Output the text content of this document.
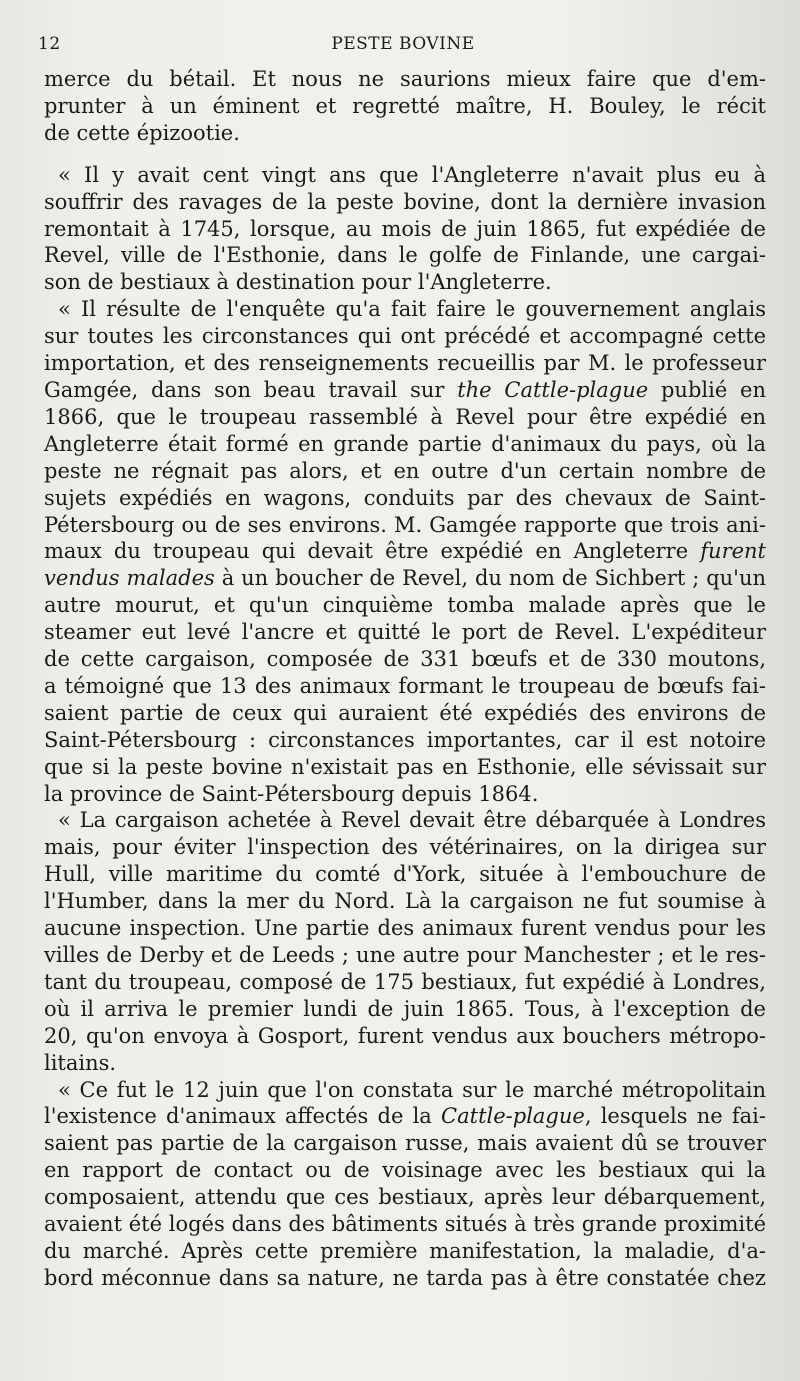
12	PESTE BOVINE

merce du bétail. Et nous ne saurions mieux faire que d'em-
prunter à un éminent et regretté maître, H. Bouley, le récit
de cette épizootie.

« Il y avait cent vingt ans que l'Angleterre n'avait plus eu à
souffrir des ravages de la peste bovine, dont la dernière invasion
remontait à 1745, lorsque, au mois de juin 1865, fut expédiée de
Revel, ville de l'Esthonie, dans le golfe de Finlande, une cargai-
son de bestiaux à destination pour l'Angleterre.

« Il résulte de l'enquête qu'a fait faire le gouvernement anglais
sur toutes les circonstances qui ont précédé et accompagné cette
importation, et des renseignements recueillis par M. le professeur
Gamgée, dans son beau travail sur the Cattle-plague publié en
1866, que le troupeau rassemblé à Revel pour être expédié en
Angleterre était formé en grande partie d'animaux du pays, où la
peste ne régnait pas alors, et en outre d'un certain nombre de
sujets expédiés en wagons, conduits par des chevaux de Saint-
Pétersbourg ou de ses environs. M. Gamgée rapporte que trois ani-
maux du troupeau qui devait être expédié en Angleterre furent
vendus malades à un boucher de Revel, du nom de Sichbert ; qu'un
autre mourut, et qu'un cinquième tomba malade après que le
steamer eut levé l'ancre et quitté le port de Revel. L'expéditeur
de cette cargaison, composée de 331 bœufs et de 330 moutons,
a témoigné que 13 des animaux formant le troupeau de bœufs fai-
saient partie de ceux qui auraient été expédiés des environs de
Saint-Pétersbourg : circonstances importantes, car il est notoire
que si la peste bovine n'existait pas en Esthonie, elle sévissait sur
la province de Saint-Pétersbourg depuis 1864.

« La cargaison achetée à Revel devait être débarquée à Londres
mais, pour éviter l'inspection des vétérinaires, on la dirigea sur
Hull, ville maritime du comté d'York, située à l'embouchure de
l'Humber, dans la mer du Nord. Là la cargaison ne fut soumise à
aucune inspection. Une partie des animaux furent vendus pour les
villes de Derby et de Leeds ; une autre pour Manchester ; et le res-
tant du troupeau, composé de 175 bestiaux, fut expédié à Londres,
où il arriva le premier lundi de juin 1865. Tous, à l'exception de
20, qu'on envoya à Gosport, furent vendus aux bouchers métropo-
litains.

« Ce fut le 12 juin que l'on constata sur le marché métropolitain
l'existence d'animaux affectés de la Cattle-plague, lesquels ne fai-
saient pas partie de la cargaison russe, mais avaient dû se trouver
en rapport de contact ou de voisinage avec les bestiaux qui la
composaient, attendu que ces bestiaux, après leur débarquement,
avaient été logés dans des bâtiments situés à très grande proximité
du marché. Après cette première manifestation, la maladie, d'a-
bord méconnue dans sa nature, ne tarda pas à être constatée chez
